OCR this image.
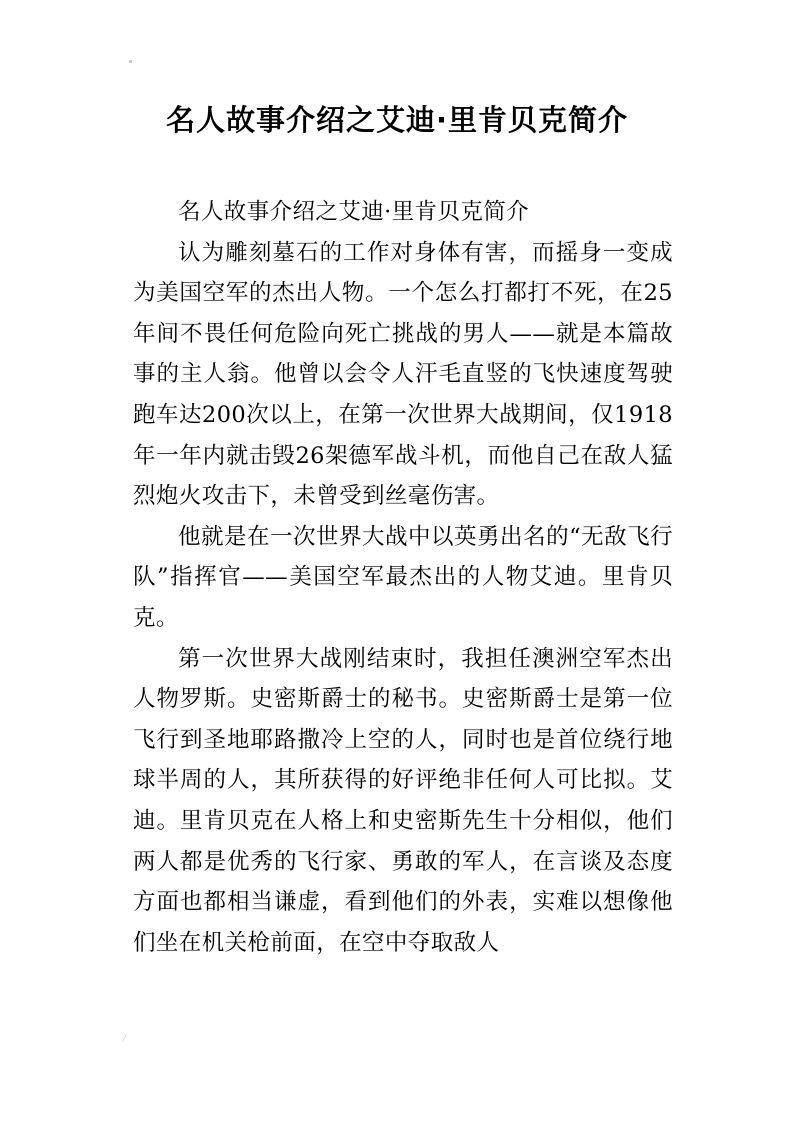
名人故事介绍之艾迪·里肯贝克简介

名人故事介绍之艾迪·里肯贝克简介

认为雕刻墓石的工作对身体有害，而摇身一变成为美国空军的杰出人物。一个怎么打都打不死，在25年间不畏任何危险向死亡挑战的男人——就是本篇故事的主人翁。他曾以会令人汗毛直竖的飞快速度驾驶跑车达200次以上，在第一次世界大战期间，仅1918年一年内就击毁26架德军战斗机，而他自己在敌人猛烈炮火攻击下，未曾受到丝毫伤害。

他就是在一次世界大战中以英勇出名的“无敌飞行队”指挥官——美国空军最杰出的人物艾迪。里肯贝克。

第一次世界大战刚结束时，我担任澳洲空军杰出人物罗斯。史密斯爵士的秘书。史密斯爵士是第一位飞行到圣地耶路撒冷上空的人，同时也是首位绕行地球半周的人，其所获得的好评绝非任何人可比拟。艾迪。里肯贝克在人格上和史密斯先生十分相似，他们两人都是优秀的飞行家、勇敢的军人，在言谈及态度方面也都相当谦虚，看到他们的外表，实难以想像他们坐在机关枪前面，在空中夺取敌人
